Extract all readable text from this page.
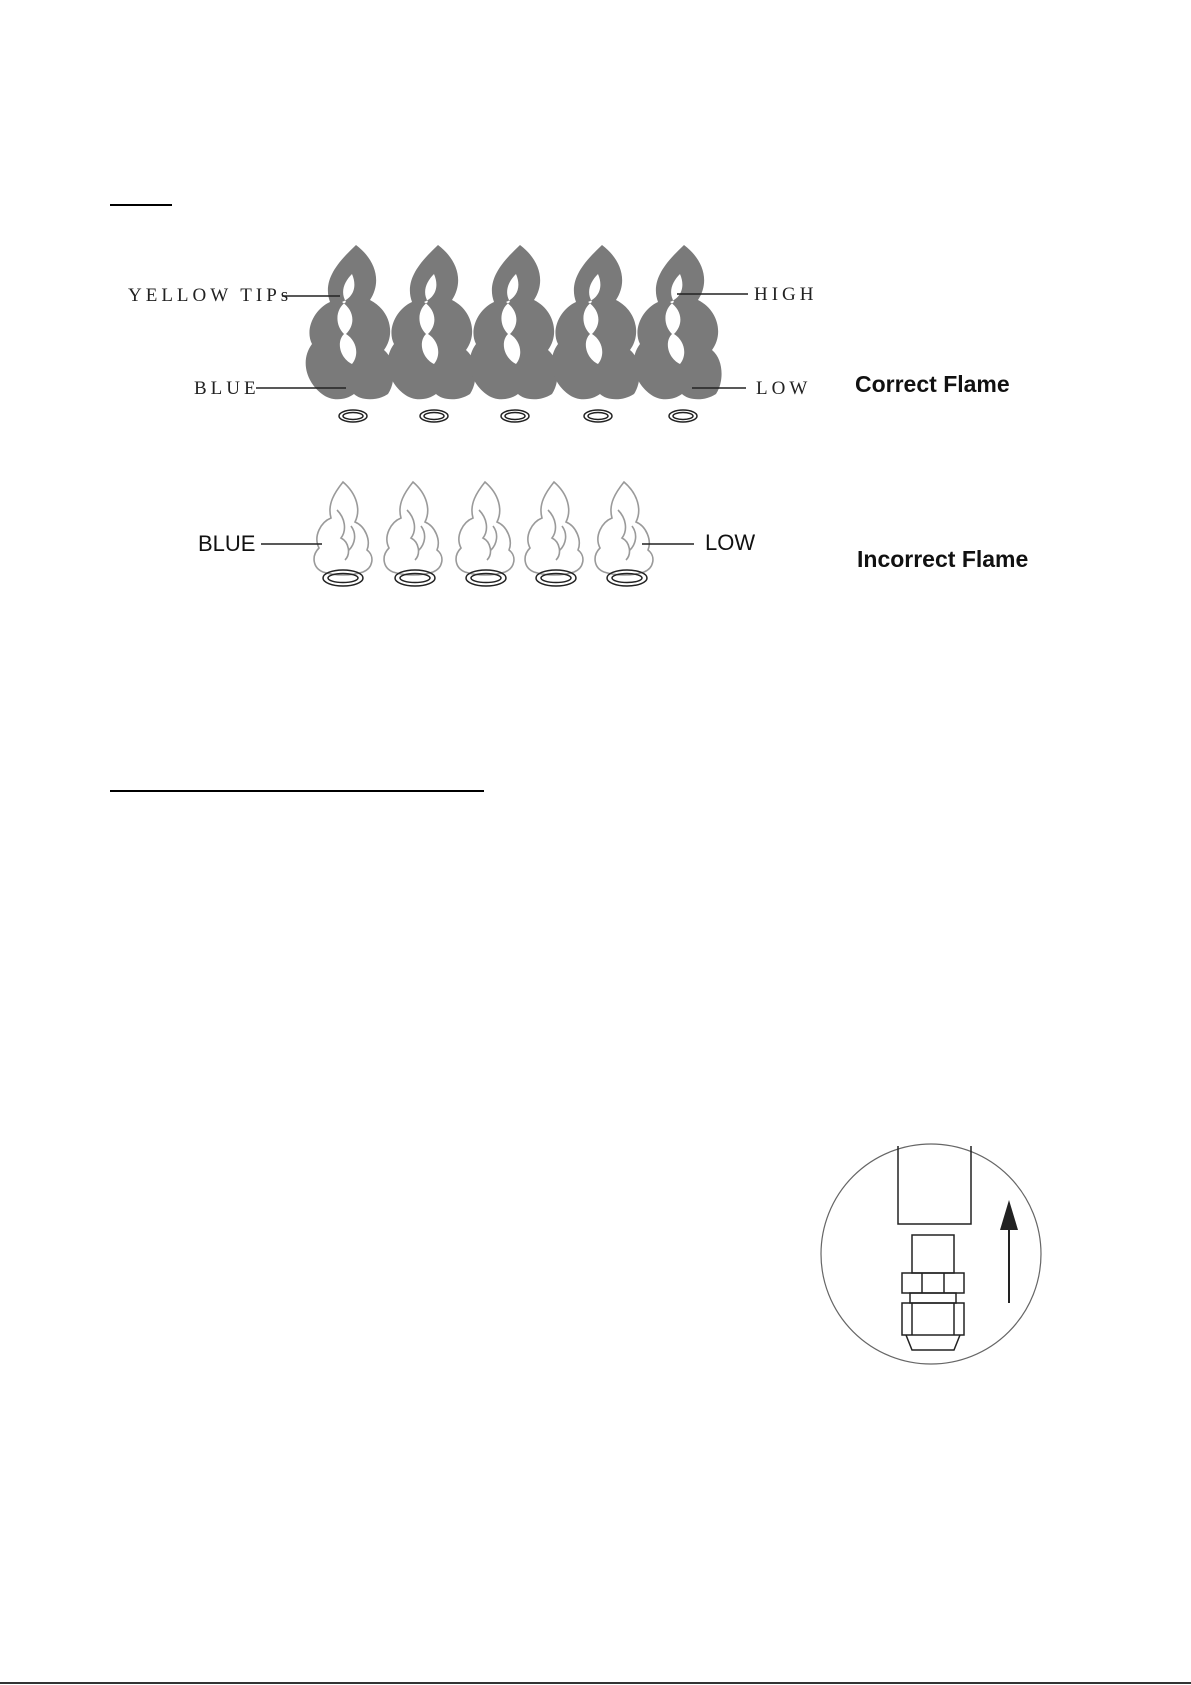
YELLOW TIPs	HIGH
BLUE	LOW
BLUE	LOW
Correct Flame
Incorrect Flame
